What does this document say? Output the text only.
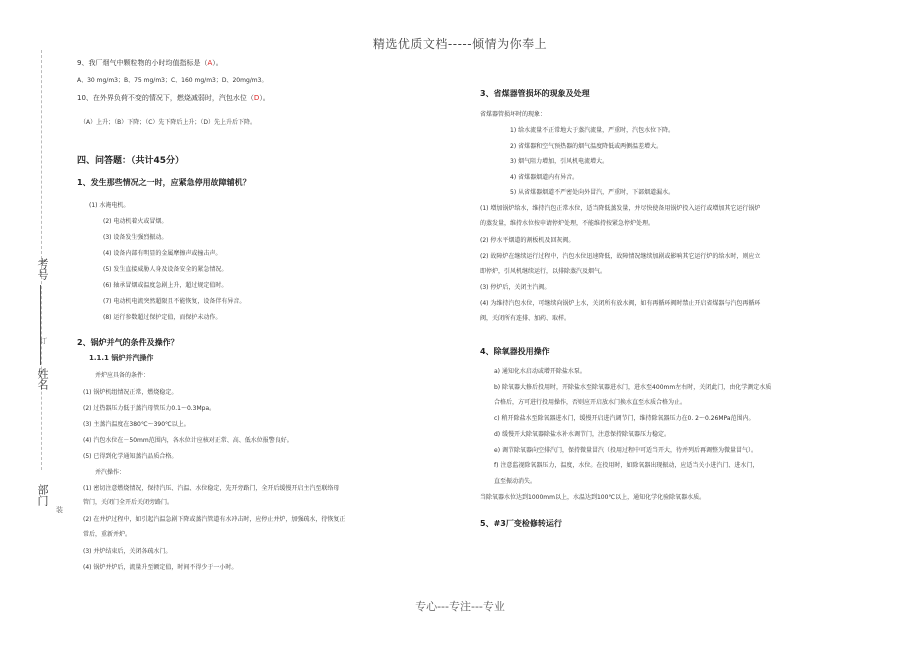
精选优质文档-----倾情为你奉上
专心---专注---专业
考号
姓名
订
部门
装
9、我厂烟气中颗粒物的小时均值指标是（A）。
A、30 mg/m3；B、75 mg/m3；C、160 mg/m3；D、20mg/m3。
10、在外界负荷不变的情况下，燃烧减弱时，汽包水位（D）。
（A）上升；（B）下降；（C）先下降后上升；（D）先上升后下降。
四、问答题：（共计45分）
1、发生那些情况之一时，应紧急停用故障辅机？
(1) 水淹电机。
(2) 电动机着火或冒烟。
(3) 设备发生强烈振动。
(4) 设备内部有明显的金属摩擦声或撞击声。
(5) 发生直接威胁人身及设备安全的紧急情况。
(6) 轴承冒烟或温度急剧上升，超过规定值时。
(7) 电动机电流突然超限且不能恢复，设备伴有异音。
(8) 运行参数超过保护定值，而保护未动作。
2、锅炉并气的条件及操作？
1.1.1 锅炉并汽操作
并炉应具备的条件：
(1) 锅炉机组情况正常，燃烧稳定。
(2) 过热器压力低于蒸汽母管压力0.1～0.3Mpa。
(3) 主蒸汽温度在380℃～390℃以上。
(4) 汽包水位在－50mm范围内，各水位计应核对正常、高、低水位报警良好。
(5) 已得到化学通知蒸汽品质合格。
并汽操作：
(1) 密切注意燃烧情况，保持汽压、汽温、水位稳定，先开旁路门，全开后缓慢开启主汽至联络母
管门，关闭门全开后关闭旁路门。
(2) 在并炉过程中，如引起汽温急剧下降或蒸汽管道有水冲击时，应停止并炉，加强疏水，待恢复正
常后，重新并炉。
(3) 并炉结束后，关闭各疏水门。
(4) 锅炉并炉后，流量升至额定值，时间不得少于一小时。
3、省煤器管损坏的现象及处理
省煤器管损坏时的现象：
1) 给水流量不正常地大于蒸汽流量，严重时，汽包水位下降。
2) 省煤器和空气预热器的烟气温度降低或两侧温差增大。
3) 烟气阻力增加，引风机电流增大。
4) 省煤器烟道内有异音。
5) 从省煤器烟道不严密处向外冒汽，严重时，下部烟道漏水。
(1) 增加锅炉给水，维持汽包正常水位，适当降低蒸发量，并尽快使备用锅炉投入运行或增加其它运行锅炉
的蒸发量，维持水位按申请停炉处理，不能维持按紧急停炉处理。
(2) 停水平烟道的割板机及回灰阀。
(2) 故障炉在继续运行过程中，汽包水位迅速降低，故障情况继续加剧或影响其它运行炉的给水时，则应立
即停炉，引风机继续运行，以排除蒸汽及烟气。
(3) 停炉后，关闭主汽阀。
(4) 为维持汽包水位，可继续向锅炉上水，关闭所有放水阀，如有再循环阀时禁止开启省煤器与汽包再循环
阀，关闭所有连排、加药、取样。
4、除氧器投用操作
a) 通知化水启动或增开除盐水泵。
b) 除氧器大修后投用时，开除盐水至除氧器进水门，进水至400mm左右时，关闭此门，由化学测定水质
合格后，方可进行投用操作，否则应开启放水门换水直至水质合格为止。
c) 稍开除盐水至除氧器进水门，缓慢开启进汽调节门，维持除氧器压力在0. 2～0.26MPa范围内。
d) 缓慢开大除氧器除盐水补水调节门，注意保持除氧器压力稳定。
e) 调节除氧器向空排汽门，保持微量冒汽（投用过程中可适当开大，待并列后再调整为微量冒气）。
f) 注意监视除氧器压力，温度，水位。在投用时，如除氧器出现振动，应适当关小进汽门、进水门，
直至振动消失。
当除氧器水位达到1000mm以上，水温达到100℃以上，通知化学化验除氧器水质。
5、#3厂变检修转运行
